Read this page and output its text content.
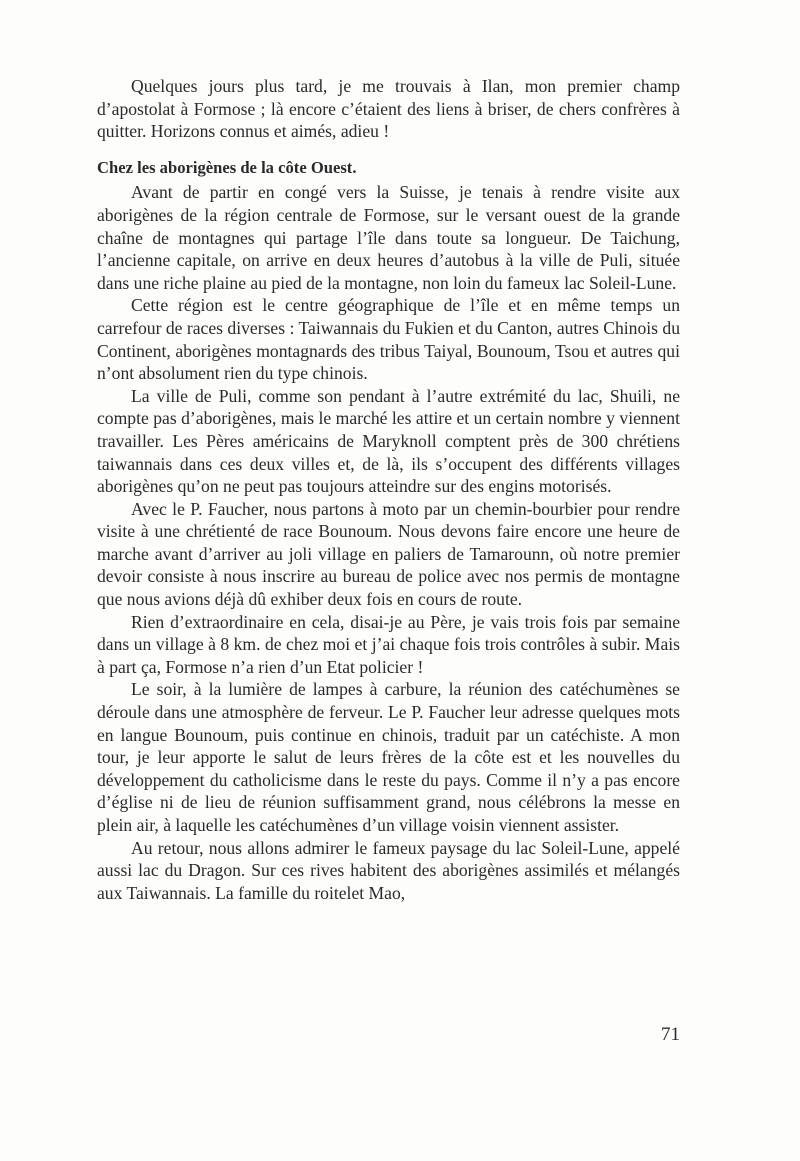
Quelques jours plus tard, je me trouvais à Ilan, mon premier champ d’apostolat à Formose ; là encore c’étaient des liens à briser, de chers confrères à quitter. Horizons connus et aimés, adieu !

Chez les aborigènes de la côte Ouest.

Avant de partir en congé vers la Suisse, je tenais à rendre visite aux aborigènes de la région centrale de Formose, sur le versant ouest de la grande chaîne de montagnes qui partage l’île dans toute sa longueur. De Taichung, l’ancienne capitale, on arrive en deux heures d’autobus à la ville de Puli, située dans une riche plaine au pied de la montagne, non loin du fameux lac Soleil-Lune.

Cette région est le centre géographique de l’île et en même temps un carrefour de races diverses : Taiwannais du Fukien et du Canton, autres Chinois du Continent, aborigènes montagnards des tribus Taiyal, Bounoum, Tsou et autres qui n’ont absolument rien du type chinois.

La ville de Puli, comme son pendant à l’autre extrémité du lac, Shuili, ne compte pas d’aborigènes, mais le marché les attire et un certain nombre y viennent travailler. Les Pères américains de Maryknoll comptent près de 300 chrétiens taiwannais dans ces deux villes et, de là, ils s’occupent des différents villages aborigènes qu’on ne peut pas toujours atteindre sur des engins motorisés.

Avec le P. Faucher, nous partons à moto par un chemin-bourbier pour rendre visite à une chrétienté de race Bounoum. Nous devons faire encore une heure de marche avant d’arriver au joli village en paliers de Tamarounn, où notre premier devoir consiste à nous inscrire au bureau de police avec nos permis de montagne que nous avions déjà dû exhiber deux fois en cours de route.

Rien d’extraordinaire en cela, disai-je au Père, je vais trois fois par semaine dans un village à 8 km. de chez moi et j’ai chaque fois trois contrôles à subir. Mais à part ça, Formose n’a rien d’un Etat policier !

Le soir, à la lumière de lampes à carbure, la réunion des catéchumènes se déroule dans une atmosphère de ferveur. Le P. Faucher leur adresse quelques mots en langue Bounoum, puis continue en chinois, traduit par un catéchiste. A mon tour, je leur apporte le salut de leurs frères de la côte est et les nouvelles du développement du catholicisme dans le reste du pays. Comme il n’y a pas encore d’église ni de lieu de réunion suffisamment grand, nous célébrons la messe en plein air, à laquelle les catéchumènes d’un village voisin viennent assister.

Au retour, nous allons admirer le fameux paysage du lac Soleil-Lune, appelé aussi lac du Dragon. Sur ces rives habitent des aborigènes assimilés et mélangés aux Taiwannais. La famille du roitelet Mao,

71
